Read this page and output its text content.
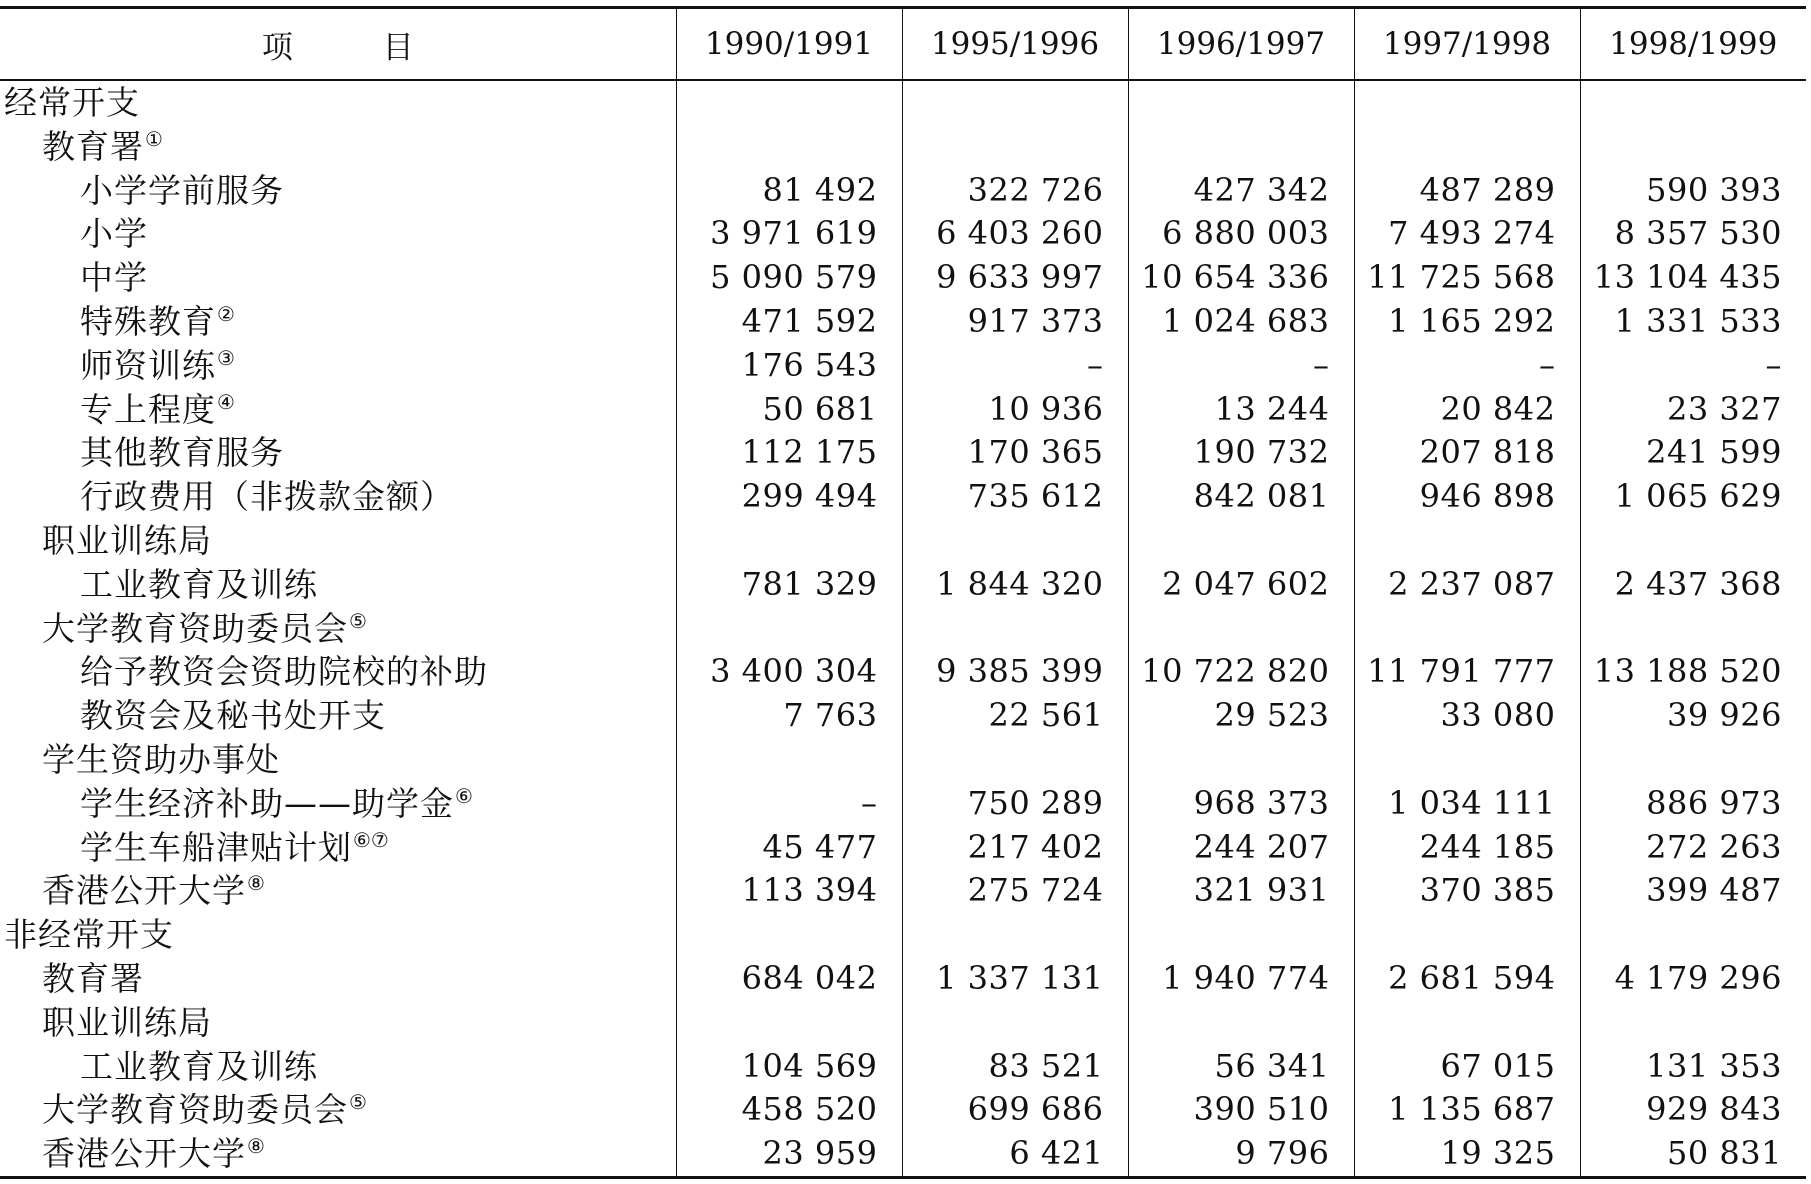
项 目	1990/1991	1995/1996	1996/1997	1997/1998	1998/1999
经常开支					
教育署①					
小学学前服务	81 492	322 726	427 342	487 289	590 393
小学	3 971 619	6 403 260	6 880 003	7 493 274	8 357 530
中学	5 090 579	9 633 997	10 654 336	11 725 568	13 104 435
特殊教育②	471 592	917 373	1 024 683	1 165 292	1 331 533
师资训练③	176 543	–	–	–	–
专上程度④	50 681	10 936	13 244	20 842	23 327
其他教育服务	112 175	170 365	190 732	207 818	241 599
行政费用（非拨款金额）	299 494	735 612	842 081	946 898	1 065 629
职业训练局					
工业教育及训练	781 329	1 844 320	2 047 602	2 237 087	2 437 368
大学教育资助委员会⑤					
给予教资会资助院校的补助	3 400 304	9 385 399	10 722 820	11 791 777	13 188 520
教资会及秘书处开支	7 763	22 561	29 523	33 080	39 926
学生资助办事处					
学生经济补助——助学金⑥	–	750 289	968 373	1 034 111	886 973
学生车船津贴计划⑥⑦	45 477	217 402	244 207	244 185	272 263
香港公开大学⑧	113 394	275 724	321 931	370 385	399 487
非经常开支					
教育署	684 042	1 337 131	1 940 774	2 681 594	4 179 296
职业训练局					
工业教育及训练	104 569	83 521	56 341	67 015	131 353
大学教育资助委员会⑤	458 520	699 686	390 510	1 135 687	929 843
香港公开大学⑧	23 959	6 421	9 796	19 325	50 831
